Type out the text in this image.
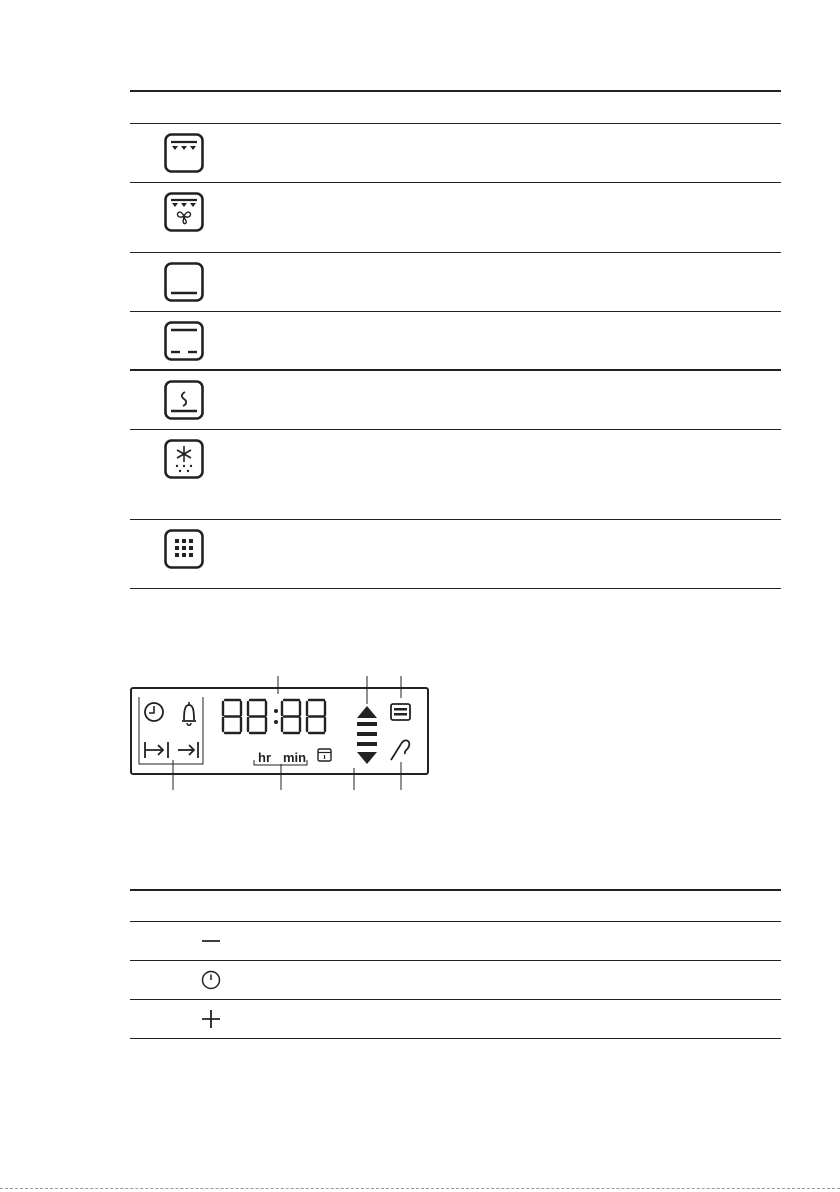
88:88
hr min
